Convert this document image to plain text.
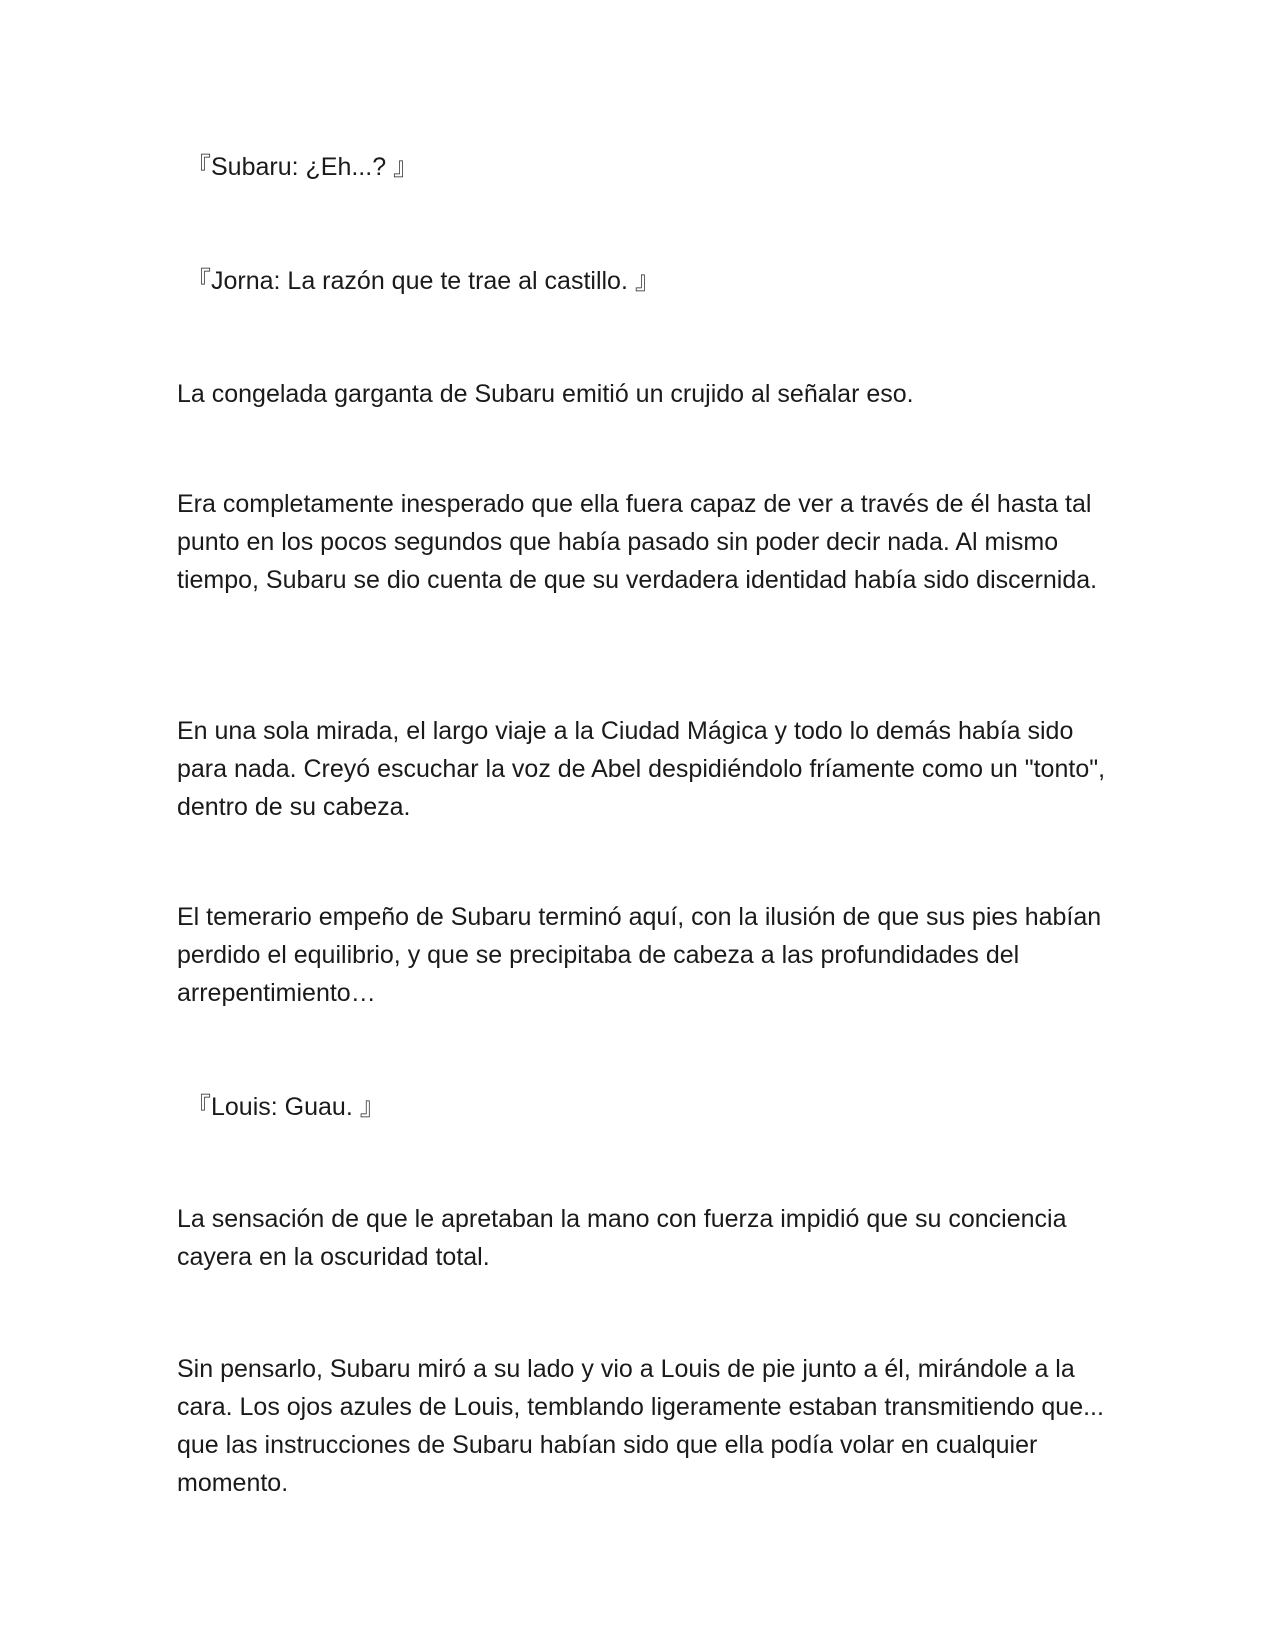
『Subaru: ¿Eh...? 』

『Jorna: La razón que te trae al castillo. 』

La congelada garganta de Subaru emitió un crujido al señalar eso.

Era completamente inesperado que ella fuera capaz de ver a través de él hasta tal punto en los pocos segundos que había pasado sin poder decir nada. Al mismo tiempo, Subaru se dio cuenta de que su verdadera identidad había sido discernida.

En una sola mirada, el largo viaje a la Ciudad Mágica y todo lo demás había sido para nada. Creyó escuchar la voz de Abel despidiéndolo fríamente como un "tonto", dentro de su cabeza.

El temerario empeño de Subaru terminó aquí, con la ilusión de que sus pies habían perdido el equilibrio, y que se precipitaba de cabeza a las profundidades del arrepentimiento…

『Louis: Guau. 』

La sensación de que le apretaban la mano con fuerza impidió que su conciencia cayera en la oscuridad total.

Sin pensarlo, Subaru miró a su lado y vio a Louis de pie junto a él, mirándole a la cara. Los ojos azules de Louis, temblando ligeramente estaban transmitiendo que... que las instrucciones de Subaru habían sido que ella podía volar en cualquier momento.
